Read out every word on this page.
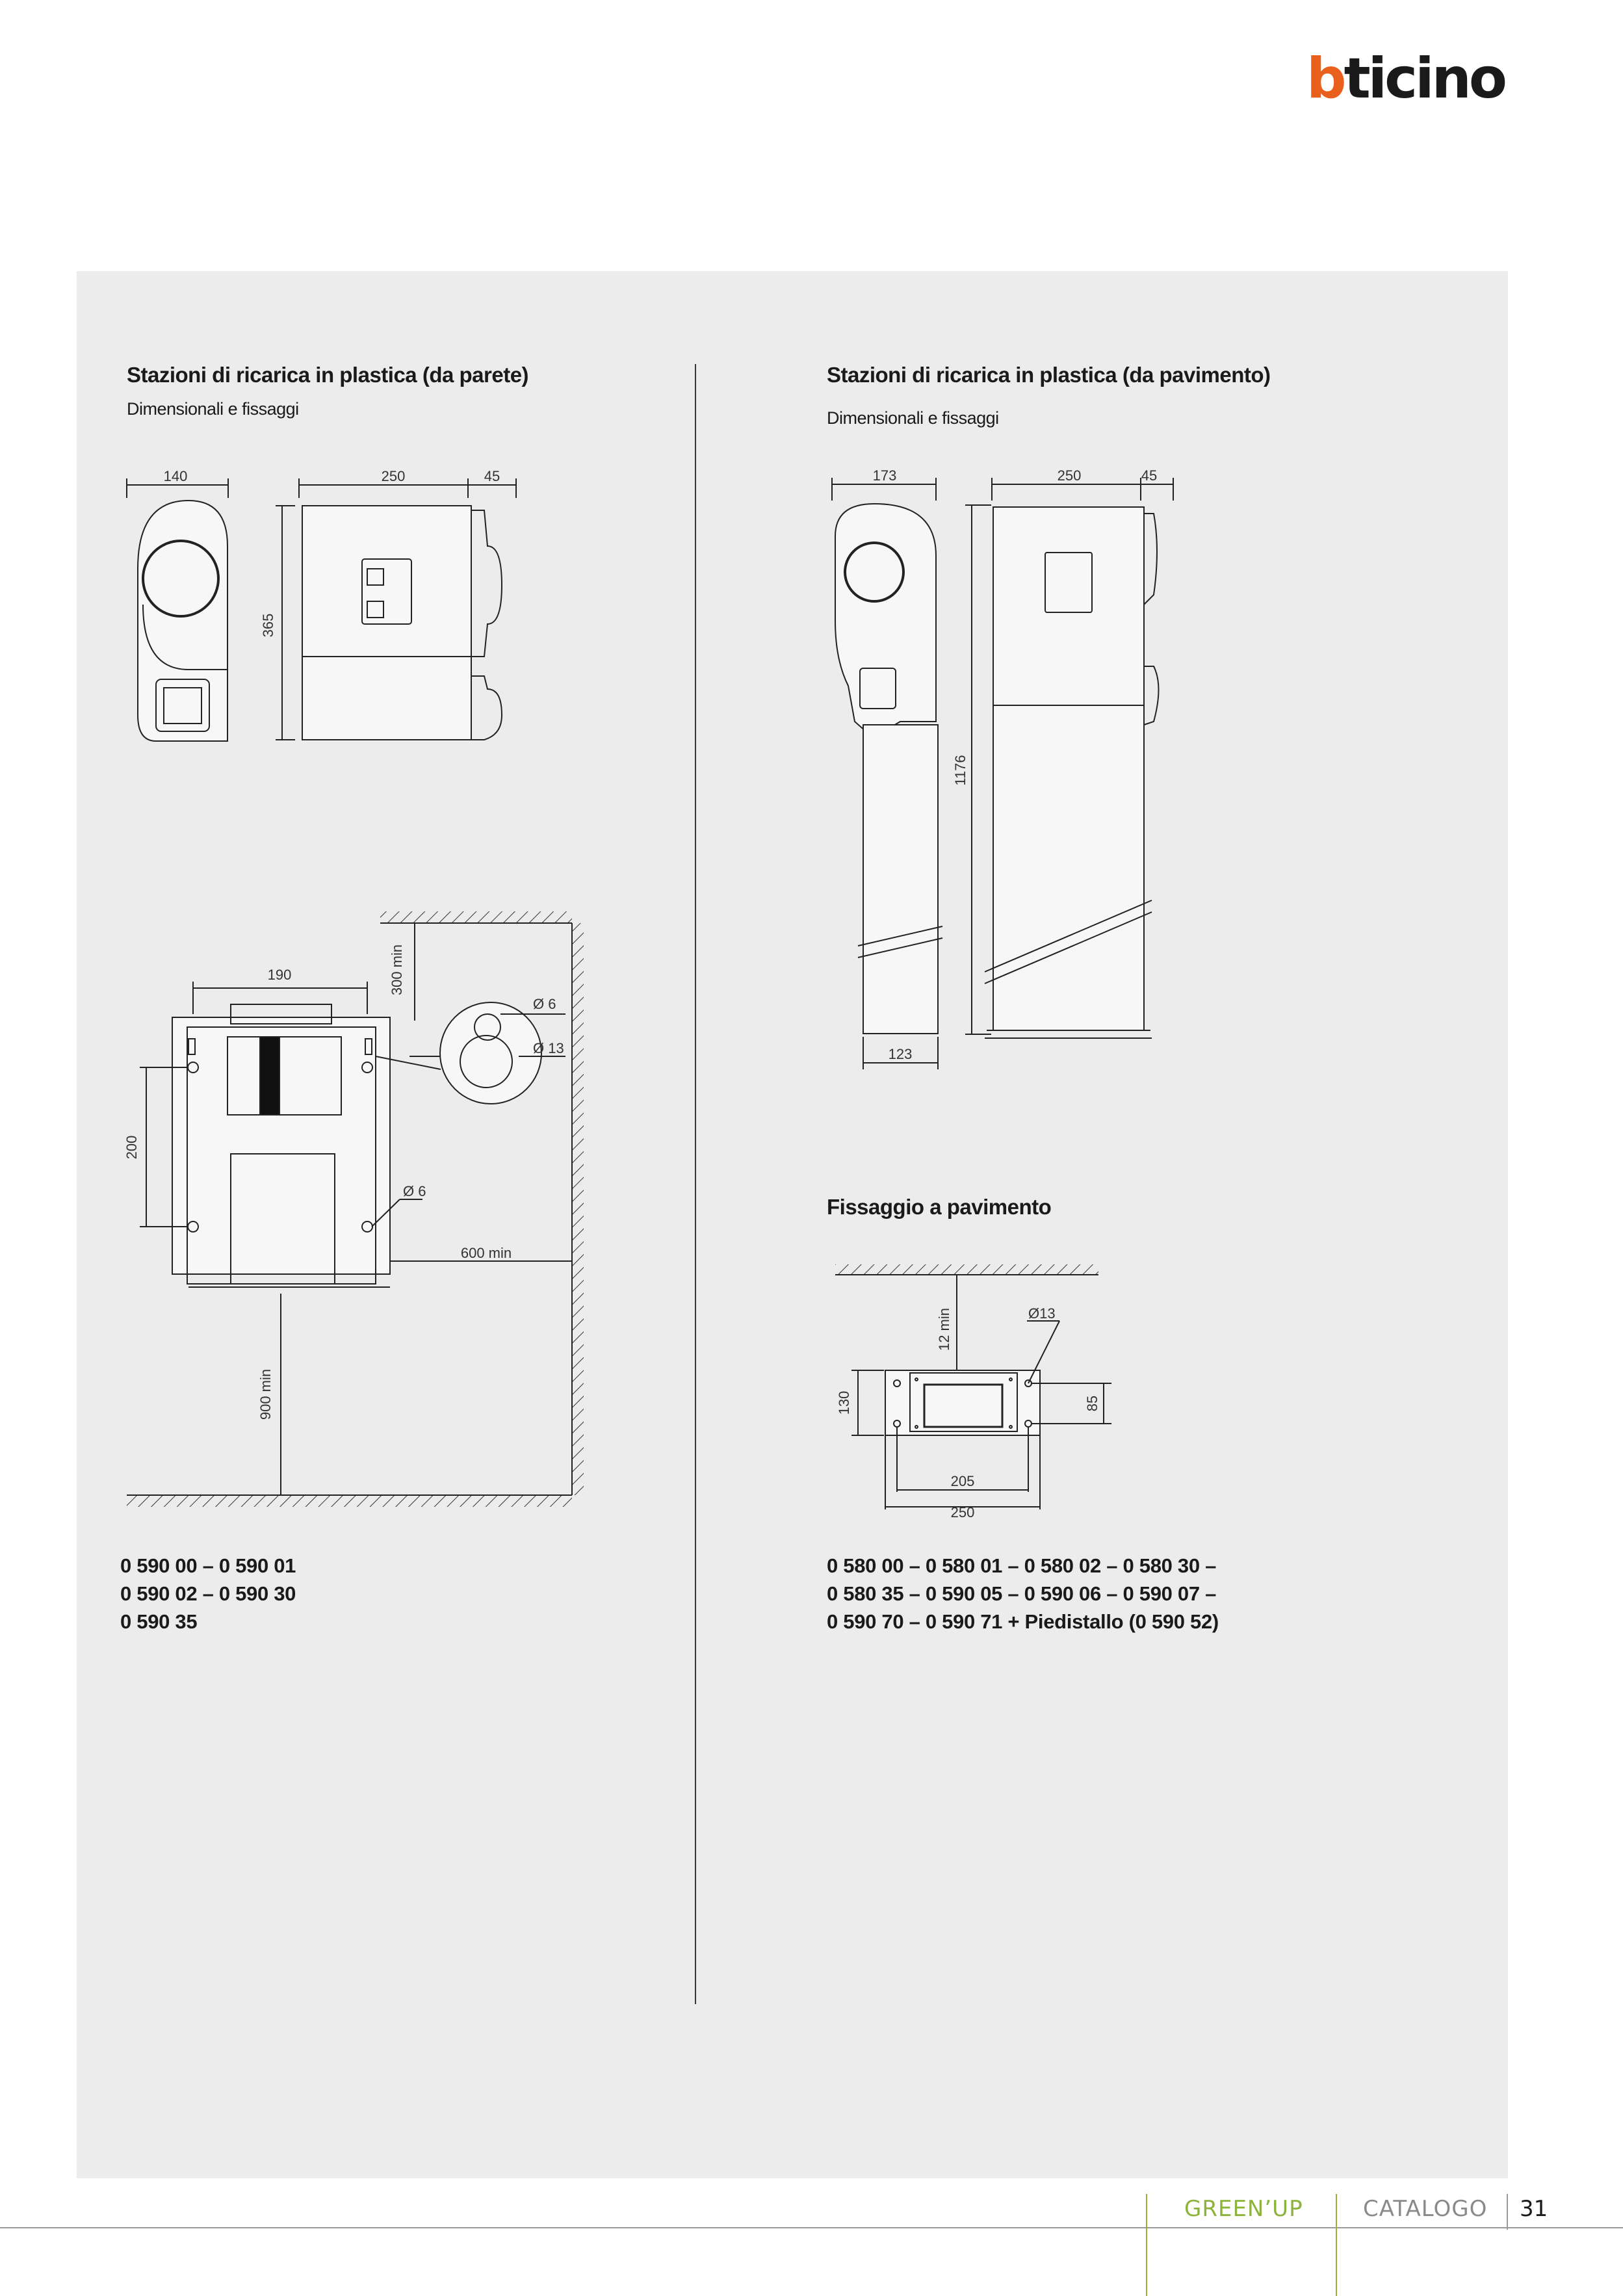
bticino
Stazioni di ricarica in plastica (da parete)
Dimensionali e fissaggi
140	250	45
365
190	300 min
Ø 6
Ø 13
200
Ø 6
600 min
900 min
0 590 00 – 0 590 01
0 590 02 – 0 590 30
0 590 35
Stazioni di ricarica in plastica (da pavimento)
Dimensionali e fissaggi
173	250	45
1176
123
Fissaggio a pavimento
12 min	Ø13
130	85
205
250
0 580 00 – 0 580 01 – 0 580 02 – 0 580 30 –
0 580 35 – 0 590 05 – 0 590 06 – 0 590 07 –
0 590 70 – 0 590 71 + Piedistallo (0 590 52)
GREEN’UP	CATALOGO 31
